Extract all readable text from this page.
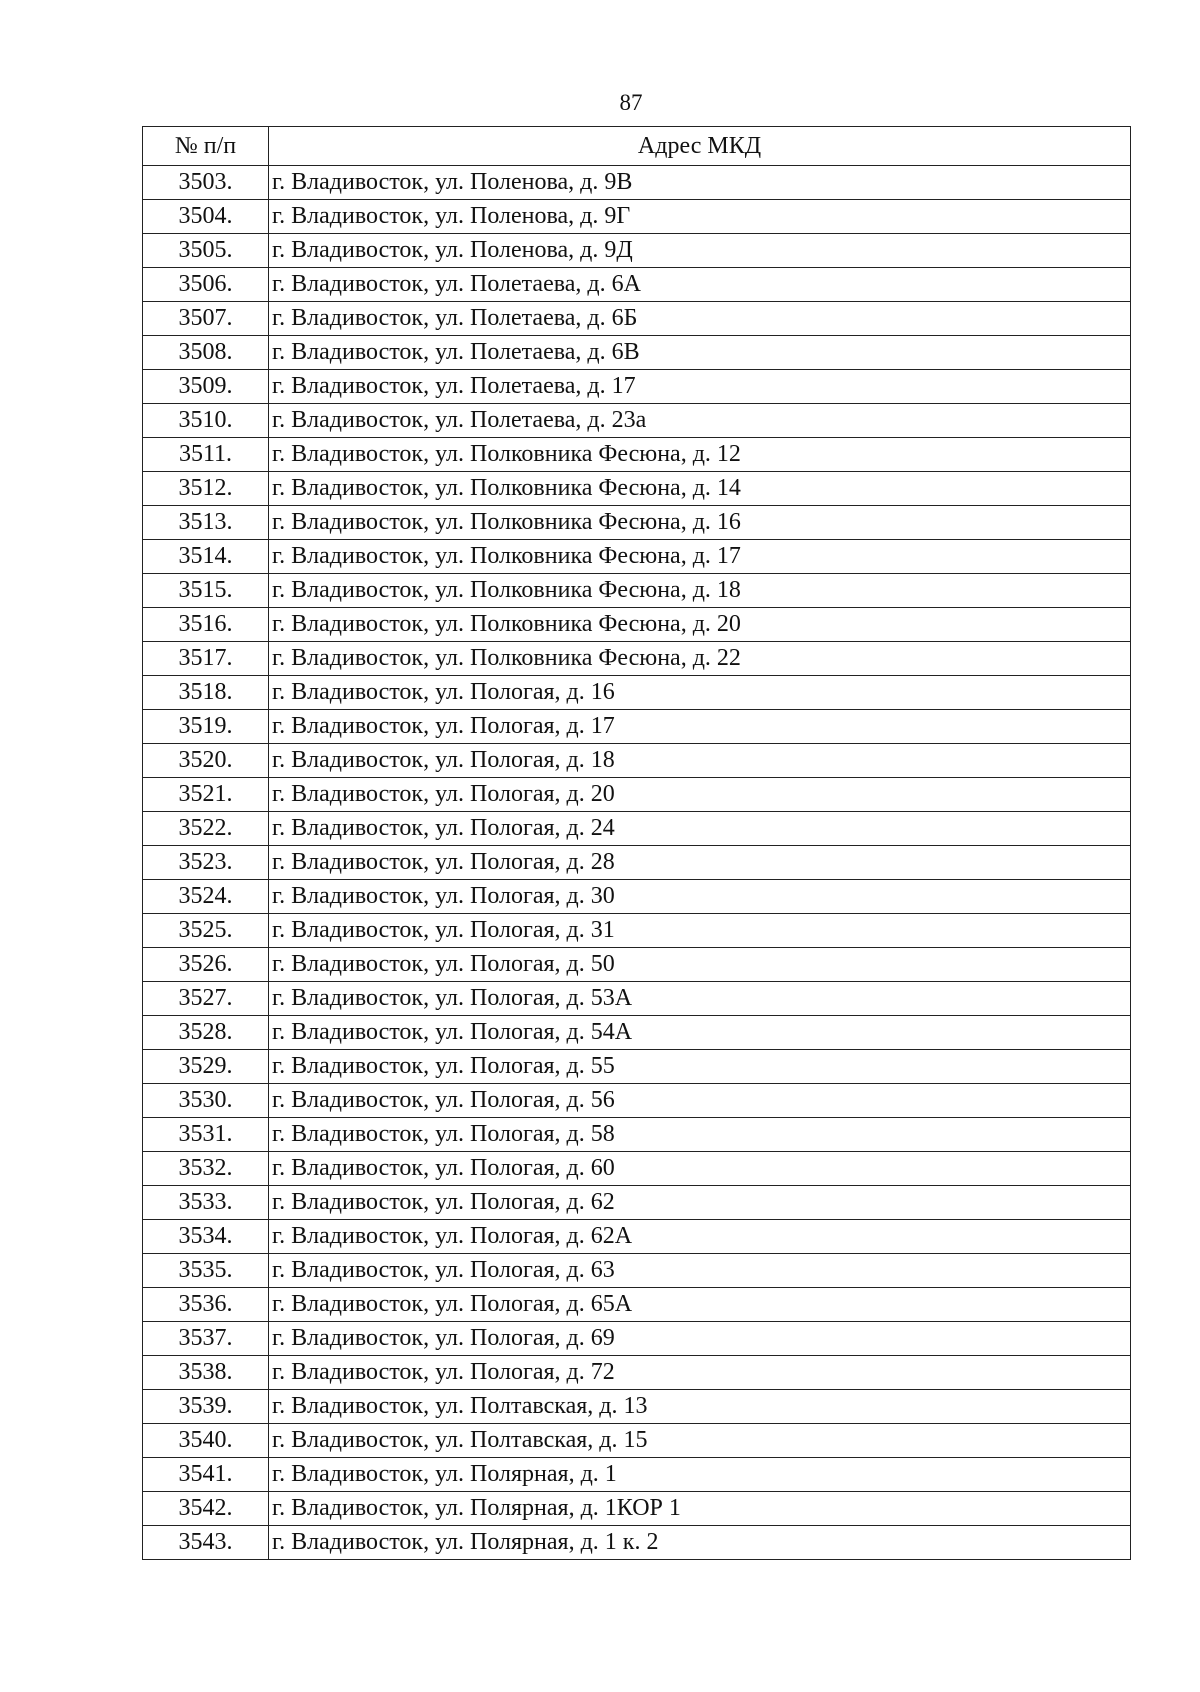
87
№ п/п	Адрес МКД
3503.	г. Владивосток, ул. Поленова, д. 9В
3504.	г. Владивосток, ул. Поленова, д. 9Г
3505.	г. Владивосток, ул. Поленова, д. 9Д
3506.	г. Владивосток, ул. Полетаева, д. 6А
3507.	г. Владивосток, ул. Полетаева, д. 6Б
3508.	г. Владивосток, ул. Полетаева, д. 6В
3509.	г. Владивосток, ул. Полетаева, д. 17
3510.	г. Владивосток, ул. Полетаева, д. 23а
3511.	г. Владивосток, ул. Полковника Фесюна, д. 12
3512.	г. Владивосток, ул. Полковника Фесюна, д. 14
3513.	г. Владивосток, ул. Полковника Фесюна, д. 16
3514.	г. Владивосток, ул. Полковника Фесюна, д. 17
3515.	г. Владивосток, ул. Полковника Фесюна, д. 18
3516.	г. Владивосток, ул. Полковника Фесюна, д. 20
3517.	г. Владивосток, ул. Полковника Фесюна, д. 22
3518.	г. Владивосток, ул. Пологая, д. 16
3519.	г. Владивосток, ул. Пологая, д. 17
3520.	г. Владивосток, ул. Пологая, д. 18
3521.	г. Владивосток, ул. Пологая, д. 20
3522.	г. Владивосток, ул. Пологая, д. 24
3523.	г. Владивосток, ул. Пологая, д. 28
3524.	г. Владивосток, ул. Пологая, д. 30
3525.	г. Владивосток, ул. Пологая, д. 31
3526.	г. Владивосток, ул. Пологая, д. 50
3527.	г. Владивосток, ул. Пологая, д. 53А
3528.	г. Владивосток, ул. Пологая, д. 54А
3529.	г. Владивосток, ул. Пологая, д. 55
3530.	г. Владивосток, ул. Пологая, д. 56
3531.	г. Владивосток, ул. Пологая, д. 58
3532.	г. Владивосток, ул. Пологая, д. 60
3533.	г. Владивосток, ул. Пологая, д. 62
3534.	г. Владивосток, ул. Пологая, д. 62А
3535.	г. Владивосток, ул. Пологая, д. 63
3536.	г. Владивосток, ул. Пологая, д. 65А
3537.	г. Владивосток, ул. Пологая, д. 69
3538.	г. Владивосток, ул. Пологая, д. 72
3539.	г. Владивосток, ул. Полтавская, д. 13
3540.	г. Владивосток, ул. Полтавская, д. 15
3541.	г. Владивосток, ул. Полярная, д. 1
3542.	г. Владивосток, ул. Полярная, д. 1КОР 1
3543.	г. Владивосток, ул. Полярная, д. 1 к. 2
